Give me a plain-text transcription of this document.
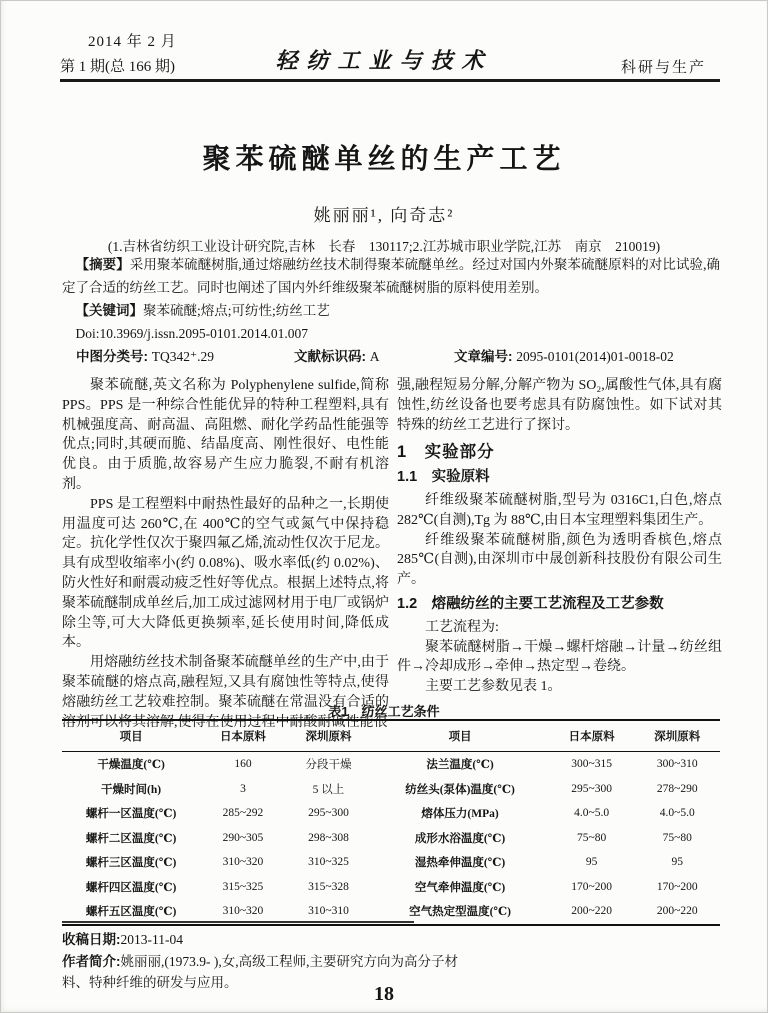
2014 年 2 月
第 1 期(总 166 期)	轻纺工业与技术	科研与生产
聚苯硫醚单丝的生产工艺
姚丽丽¹, 向奇志²
(1.吉林省纺织工业设计研究院,吉林　长春　130117;2.江苏城市职业学院,江苏　南京　210019)

【摘要】采用聚苯硫醚树脂,通过熔融纺丝技术制得聚苯硫醚单丝。经过对国内外聚苯硫醚原料的对比试验,确定了合适的纺丝工艺。同时也阐述了国内外纤维级聚苯硫醚树脂的原料使用差别。

【关键词】聚苯硫醚;熔点;可纺性;纺丝工艺

Doi:10.3969/j.issn.2095-0101.2014.01.007

中图分类号: TQ342⁺.29	文献标识码: A	文章编号: 2095-0101(2014)01-0018-02

聚苯硫醚,英文名称为 Polyphenylene sulfide,简称PPS。PPS 是一种综合性能优异的特种工程塑料,具有机械强度高、耐高温、高阻燃、耐化学药品性能强等优点;同时,其硬而脆、结晶度高、刚性很好、电性能优良。由于质脆,故容易产生应力脆裂,不耐有机溶剂。

PPS 是工程塑料中耐热性最好的品种之一,长期使用温度可达 260℃,在 400℃的空气或氮气中保持稳定。抗化学性仅次于聚四氟乙烯,流动性仅次于尼龙。具有成型收缩率小(约 0.08%)、吸水率低(约 0.02%)、防火性好和耐震动疲乏性好等优点。根据上述特点,将聚苯硫醚制成单丝后,加工成过滤网材用于电厂或锅炉除尘等,可大大降低更换频率,延长使用时间,降低成本。

用熔融纺丝技术制备聚苯硫醚单丝的生产中,由于聚苯硫醚的熔点高,融程短,又具有腐蚀性等特点,使得熔融纺丝工艺较难控制。聚苯硫醚在常温没有合适的溶剂可以将其溶解,使得在使用过程中耐酸耐碱性能很

强,融程短易分解,分解产物为 SO₂,属酸性气体,具有腐蚀性,纺丝设备也要考虑具有防腐蚀性。如下试对其特殊的纺丝工艺进行了探讨。

1　实验部分
1.1　实验原料

纤维级聚苯硫醚树脂,型号为 0316C1,白色,熔点282℃(自测),Tg 为 88℃,由日本宝理塑料集团生产。

纤维级聚苯硫醚树脂,颜色为透明香槟色,熔点285℃(自测),由深圳市中晟创新科技股份有限公司生产。

1.2　熔融纺丝的主要工艺流程及工艺参数

工艺流程为:

聚苯硫醚树脂→干燥→螺杆熔融→计量→纺丝组件→冷却成形→牵伸→热定型→卷绕。

主要工艺参数见表 1。

表1　纺丝工艺条件
项目	日本原料	深圳原料	项目	日本原料	深圳原料
干燥温度(℃)	160	分段干燥	法兰温度(℃)	300~315	300~310
干燥时间(h)	3	5 以上	纺丝头(泵体)温度(℃)	295~300	278~290
螺杆一区温度(℃)	285~292	295~300	熔体压力(MPa)	4.0~5.0	4.0~5.0
螺杆二区温度(℃)	290~305	298~308	成形水浴温度(℃)	75~80	75~80
螺杆三区温度(℃)	310~320	310~325	湿热牵伸温度(℃)	95	95
螺杆四区温度(℃)	315~325	315~328	空气牵伸温度(℃)	170~200	170~200
螺杆五区温度(℃)	310~320	310~310	空气热定型温度(℃)	200~220	200~220

收稿日期:2013-11-04

作者简介:姚丽丽,(1973.9- ),女,高级工程师,主要研究方向为高分子材料、特种纤维的研发与应用。

18
